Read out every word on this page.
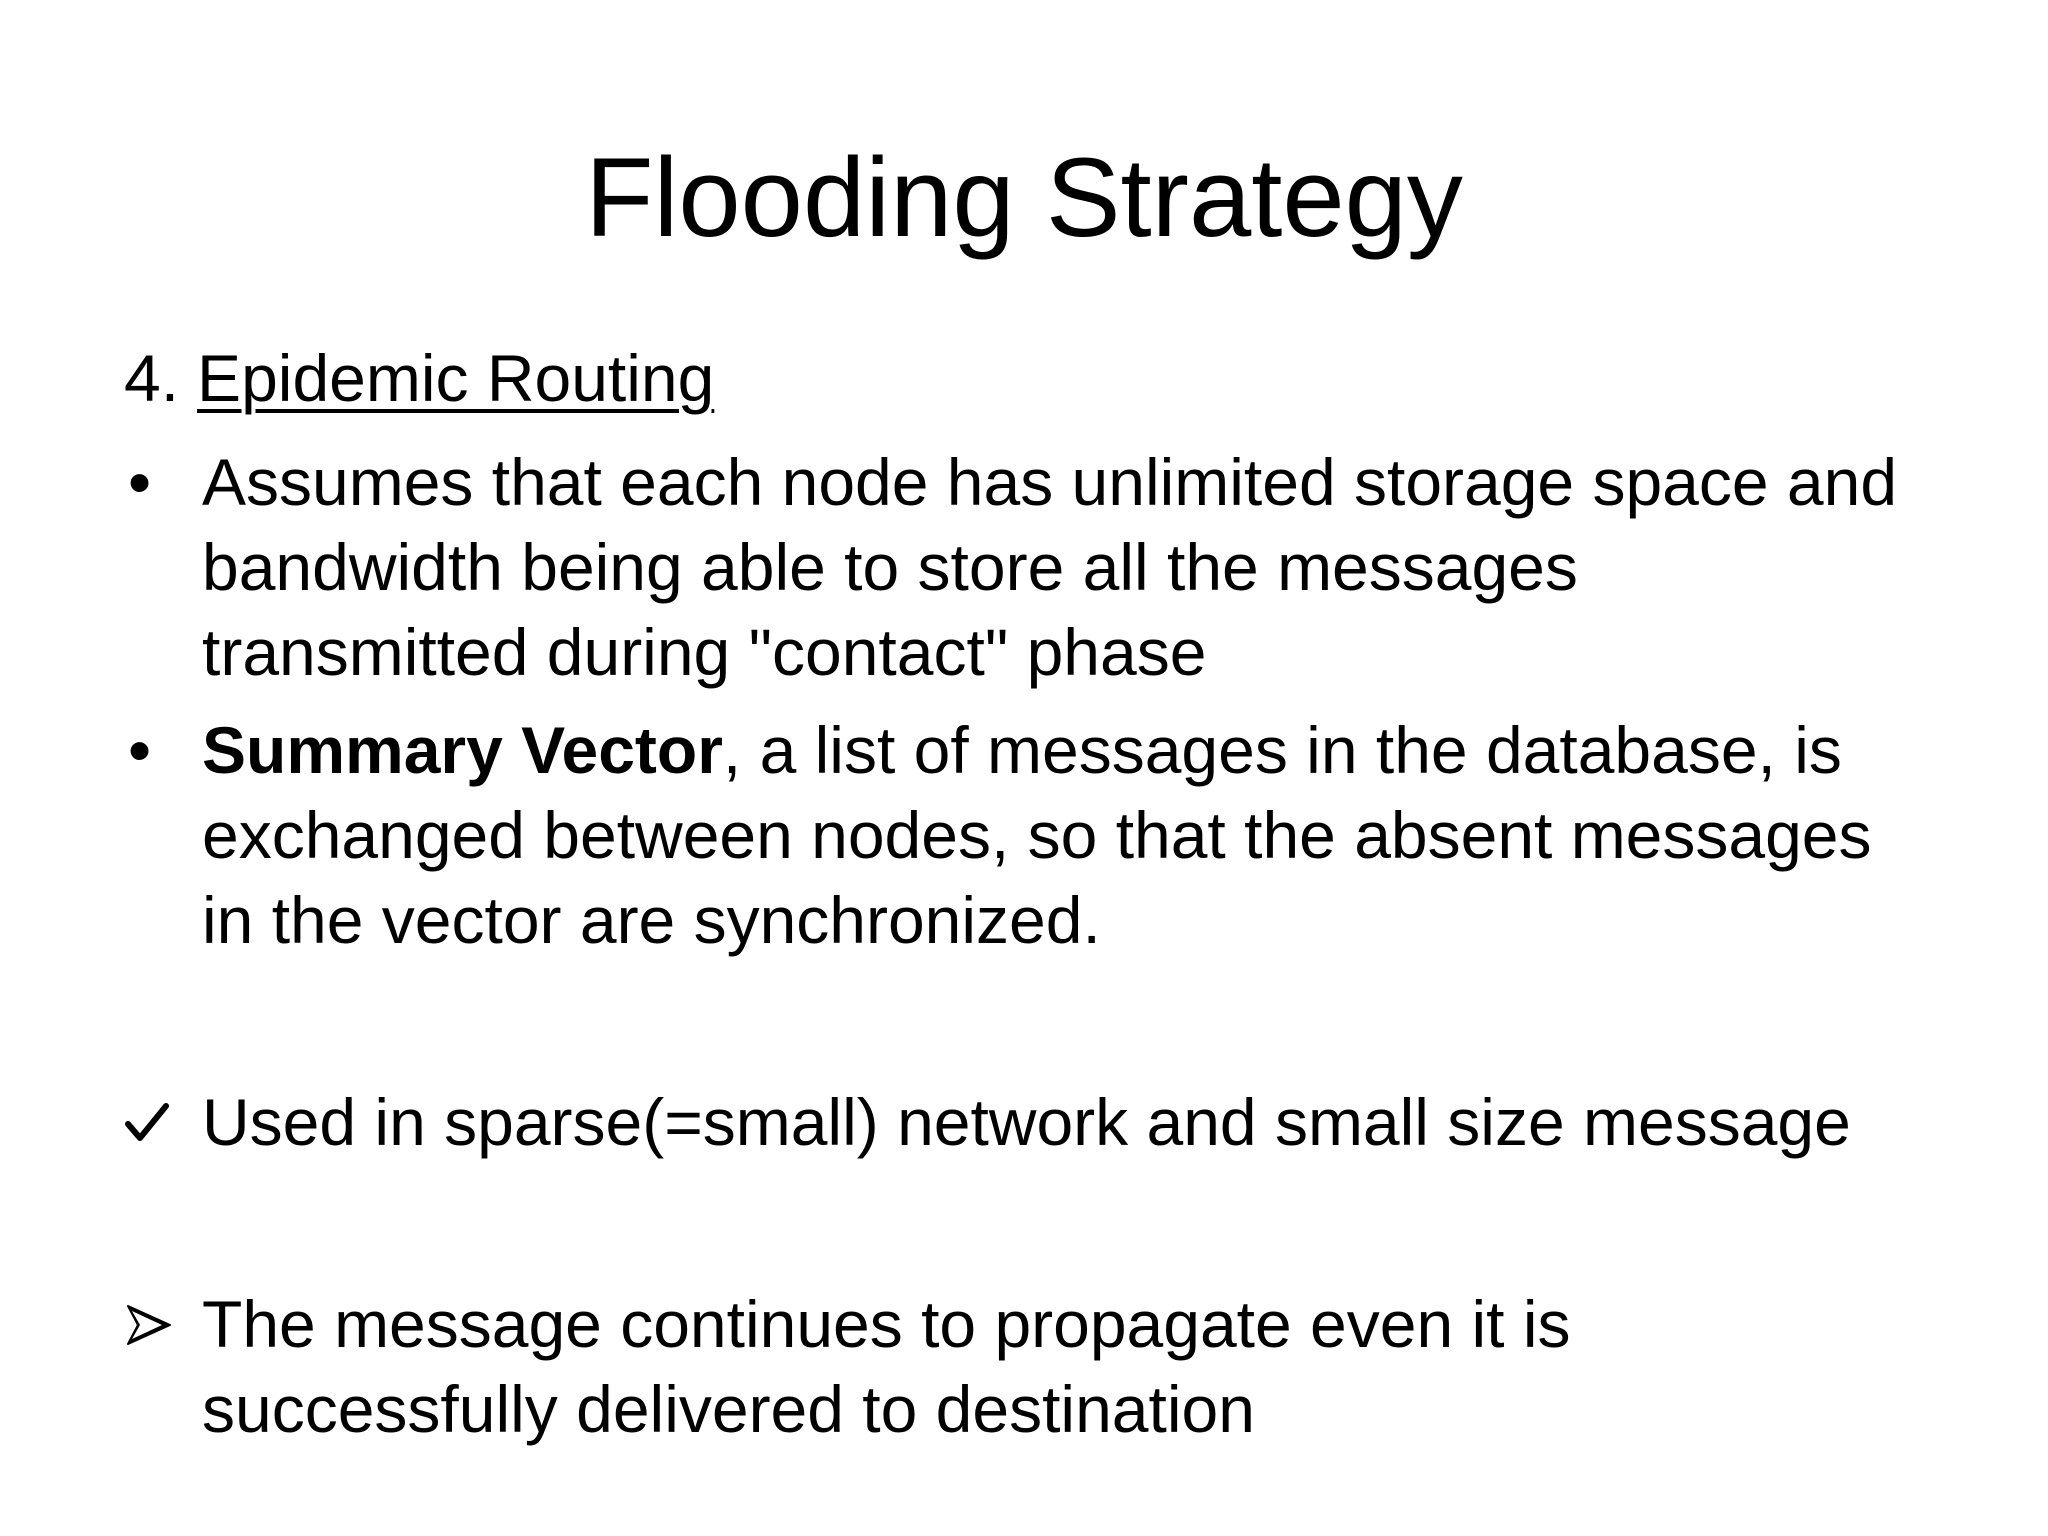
Flooding Strategy
4. Epidemic Routing
• Assumes that each node has unlimited storage space and
bandwidth being able to store all the messages
transmitted during "contact" phase
• Summary Vector, a list of messages in the database, is
exchanged between nodes, so that the absent messages
in the vector are synchronized.
Used in sparse(=small) network and small size message
The message continues to propagate even it is
successfully delivered to destination
